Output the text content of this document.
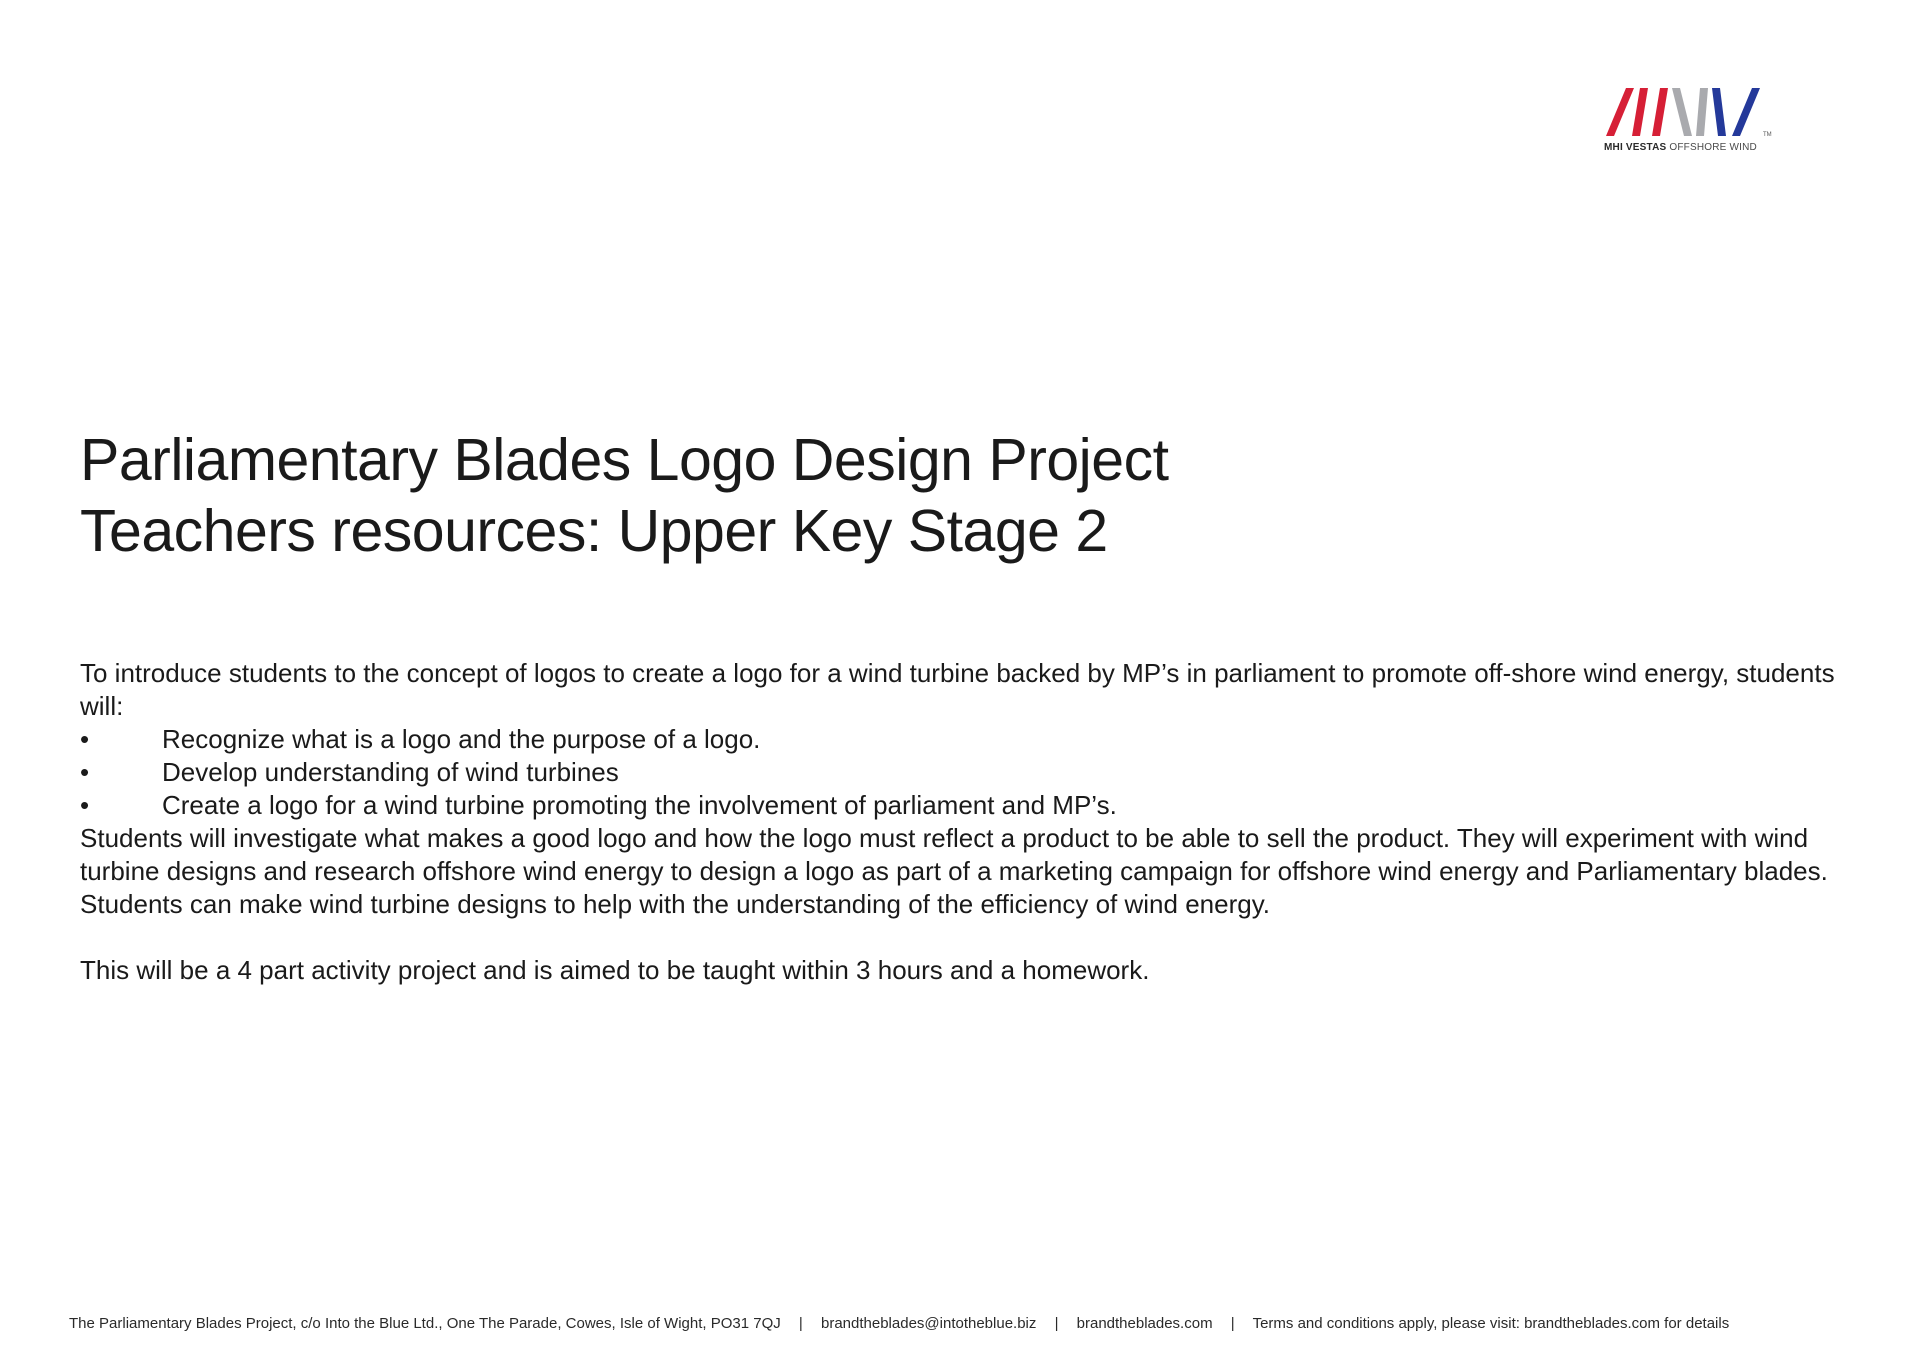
TM
MHI VESTAS OFFSHORE WIND
Parliamentary Blades Logo Design Project
Teachers resources: Upper Key Stage 2

To introduce students to the concept of logos to create a logo for a wind turbine backed by MP’s in parliament to promote off-shore wind energy, students will:

•	Recognize what is a logo and the purpose of a logo.
•	Develop understanding of wind turbines
•	Create a logo for a wind turbine promoting the involvement of parliament and MP’s.

Students will investigate what makes a good logo and how the logo must reflect a product to be able to sell the product. They will experiment with wind turbine designs and research offshore wind energy to design a logo as part of a marketing campaign for offshore wind energy and Parliamentary blades. Students can make wind turbine designs to help with the understanding of the efficiency of wind energy.

This will be a 4 part activity project and is aimed to be taught within 3 hours and a homework.

The Parliamentary Blades Project, c/o Into the Blue Ltd., One The Parade, Cowes, Isle of Wight, PO31 7QJ | brandtheblades@intotheblue.biz | brandtheblades.com | Terms and conditions apply, please visit: brandtheblades.com for details
